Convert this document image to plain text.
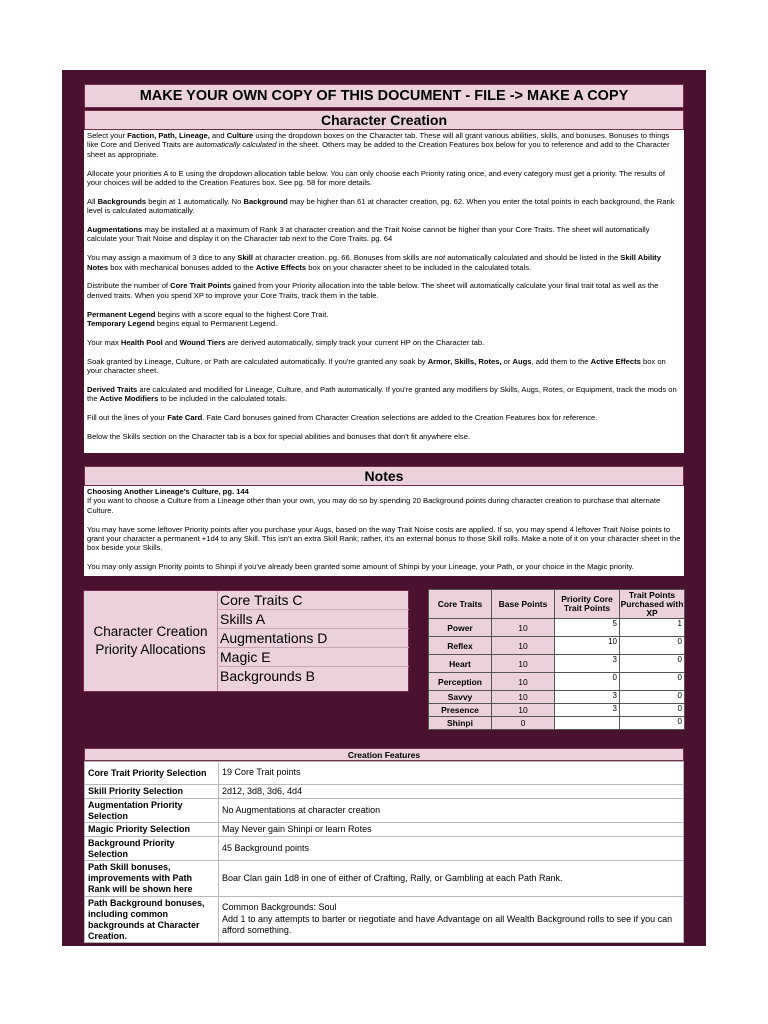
MAKE YOUR OWN COPY OF THIS DOCUMENT - FILE -> MAKE A COPY
Character Creation

Select your Faction, Path, Lineage, and Culture using the dropdown boxes on the Character tab. These will all grant various abilities, skills, and bonuses. Bonuses to things like Core and Derived Traits are automatically calculated in the sheet. Others may be added to the Creation Features box below for you to reference and add to the Character sheet as appropriate.

Allocate your priorities A to E using the dropdown allocation table below. You can only choose each Priority rating once, and every category must get a priority. The results of your choices will be added to the Creation Features box. See pg. 58 for more details.

All Backgrounds begin at 1 automatically. No Background may be higher than 61 at character creation, pg. 62. When you enter the total points in each background, the Rank level is calculated automatically.

Augmentations may be installed at a maximum of Rank 3 at character creation and the Trait Noise cannot be higher than your Core Traits. The sheet will automatically calculate your Trait Noise and display it on the Character tab next to the Core Traits. pg. 64

You may assign a maximum of 3 dice to any Skill at character creation. pg. 66. Bonuses from skills are not automatically calculated and should be listed in the Skill Ability Notes box with mechanical bonuses added to the Active Effects box on your character sheet to be included in the calculated totals.

Distribute the number of Core Trait Points gained from your Priority allocation into the table below. The sheet will automatically calculate your final trait total as well as the derived traits. When you spend XP to improve your Core Traits, track them in the table.

Permanent Legend begins with a score equal to the highest Core Trait.
Temporary Legend begins equal to Permanent Legend.

Your max Health Pool and Wound Tiers are derived automatically, simply track your current HP on the Character tab.

Soak granted by Lineage, Culture, or Path are calculated automatically. If you're granted any soak by Armor, Skills, Rotes, or Augs, add them to the Active Effects box on your character sheet.

Derived Traits are calculated and modified for Lineage, Culture, and Path automatically. If you're granted any modifiers by Skills, Augs, Rotes, or Equipment, track the mods on the Active Modifiers to be included in the calculated totals.

Fill out the lines of your Fate Card. Fate Card bonuses gained from Character Creation selections are added to the Creation Features box for reference.

Below the Skills section on the Character tab is a box for special abilities and bonuses that don't fit anywhere else.

Notes

Choosing Another Lineage's Culture, pg. 144
If you want to choose a Culture from a Lineage other than your own, you may do so by spending 20 Background points during character creation to purchase that alternate Culture.

You may have some leftover Priority points after you purchase your Augs, based on the way Trait Noise costs are applied. If so, you may spend 4 leftover Trait Noise points to grant your character a permanent +1d4 to any Skill. This isn't an extra Skill Rank; rather, it's an external bonus to those Skill rolls. Make a note of it on your character sheet in the box beside your Skills.

You may only assign Priority points to Shinpi if you've already been granted some amount of Shinpi by your Lineage, your Path, or your choice in the Magic priority.

Character Creation
Priority Allocations
Core Traits C
Skills A
Augmentations D
Magic E
Backgrounds B
Core Traits	Base Points	Priority Core Trait Points	Trait Points Purchased with XP
Power	10	5	1
Reflex	10	10	0
Heart	10	3	0
Perception	10	0	0
Savvy	10	3	0
Presence	10	3	0
Shinpi	0		0
Creation Features
Core Trait Priority Selection	19 Core Trait points
Skill Priority Selection	2d12, 3d8, 3d6, 4d4
Augmentation Priority Selection	No Augmentations at character creation
Magic Priority Selection	May Never gain Shinpi or learn Rotes
Background Priority Selection	45 Background points
Path Skill bonuses, improvements with Path Rank will be shown here	Boar Clan gain 1d8 in one of either of Crafting, Rally, or Gambling at each Path Rank.
Path Background bonuses, including common backgrounds at Character Creation.	Common Backgrounds: Soul
Add 1 to any attempts to barter or negotiate and have Advantage on all Wealth Background rolls to see if you can afford something.
